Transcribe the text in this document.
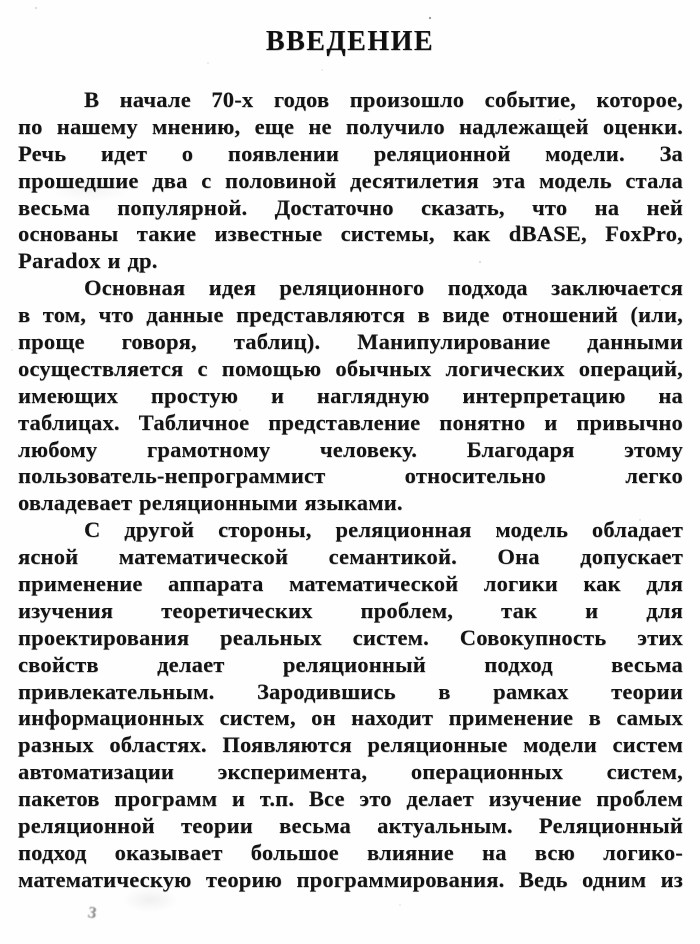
ВВЕДЕНИЕ
В начале 70-х годов произошло событие, которое,
по нашему мнению, еще не получило надлежащей оценки.
Речь идет о появлении реляционной модели. За
прошедшие два с половиной десятилетия эта модель стала
весьма популярной. Достаточно сказать, что на ней
основаны такие известные системы, как dBASE, FoxPro,
Paradox и др.
Основная идея реляционного подхода заключается
в том, что данные представляются в виде отношений (или,
проще говоря, таблиц). Манипулирование данными
осуществляется с помощью обычных логических операций,
имеющих простую и наглядную интерпретацию на
таблицах. Табличное представление понятно и привычно
любому грамотному человеку. Благодаря этому
пользователь-непрограммист относительно легко
овладевает реляционными языками.
С другой стороны, реляционная модель обладает
ясной математической семантикой. Она допускает
применение аппарата математической логики как для
изучения теоретических проблем, так и для
проектирования реальных систем. Совокупность этих
свойств делает реляционный подход весьма
привлекательным. Зародившись в рамках теории
информационных систем, он находит применение в самых
разных областях. Появляются реляционные модели систем
автоматизации эксперимента, операционных систем,
пакетов программ и т.п. Все это делает изучение проблем
реляционной теории весьма актуальным. Реляционный
подход оказывает большое влияние на всю логико-
математическую теорию программирования. Ведь одним из
3
